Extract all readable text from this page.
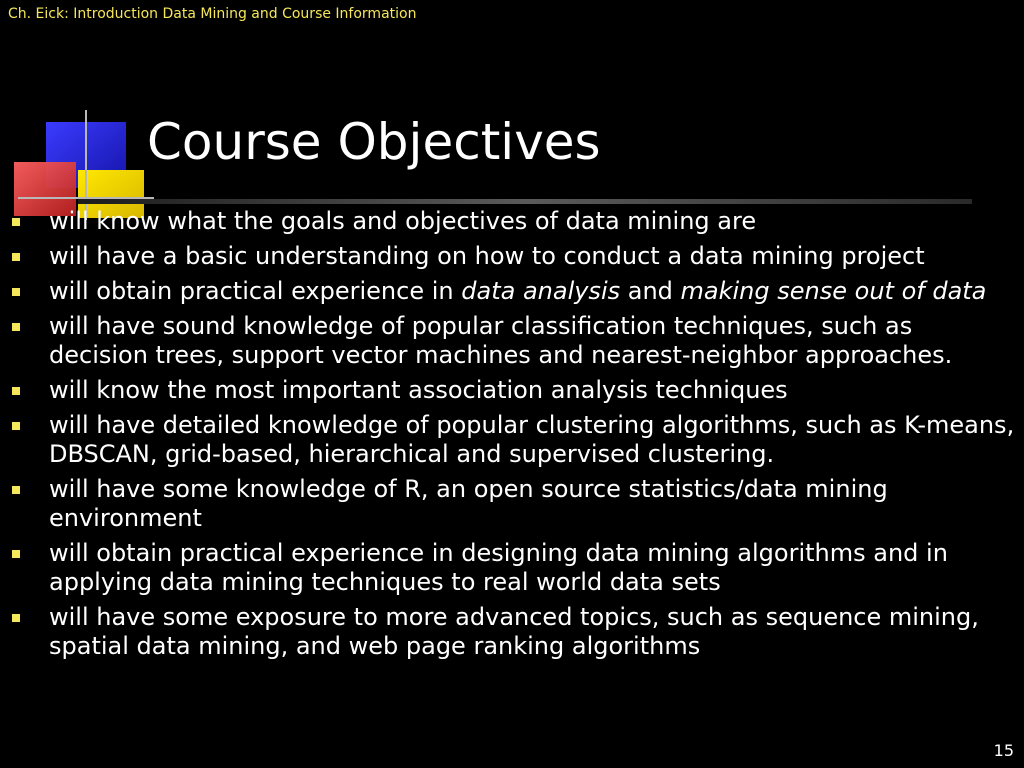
Ch. Eick: Introduction Data Mining and Course Information
Course Objectives
will know what the goals and objectives of data mining are
will have a basic understanding on how to conduct a data mining project
will obtain practical experience in data analysis and making sense out of data
will have sound knowledge of popular classification techniques, such as decision trees, support vector machines and nearest-neighbor approaches.
will know the most important association analysis techniques
will have detailed knowledge of popular clustering algorithms, such as K-means, DBSCAN, grid-based, hierarchical and supervised clustering.
will have some knowledge of R, an open source statistics/data mining environment
will obtain practical experience in designing data mining algorithms and in applying data mining techniques to real world data sets
will have some exposure to more advanced topics, such as sequence mining, spatial data mining, and web page ranking algorithms
15
